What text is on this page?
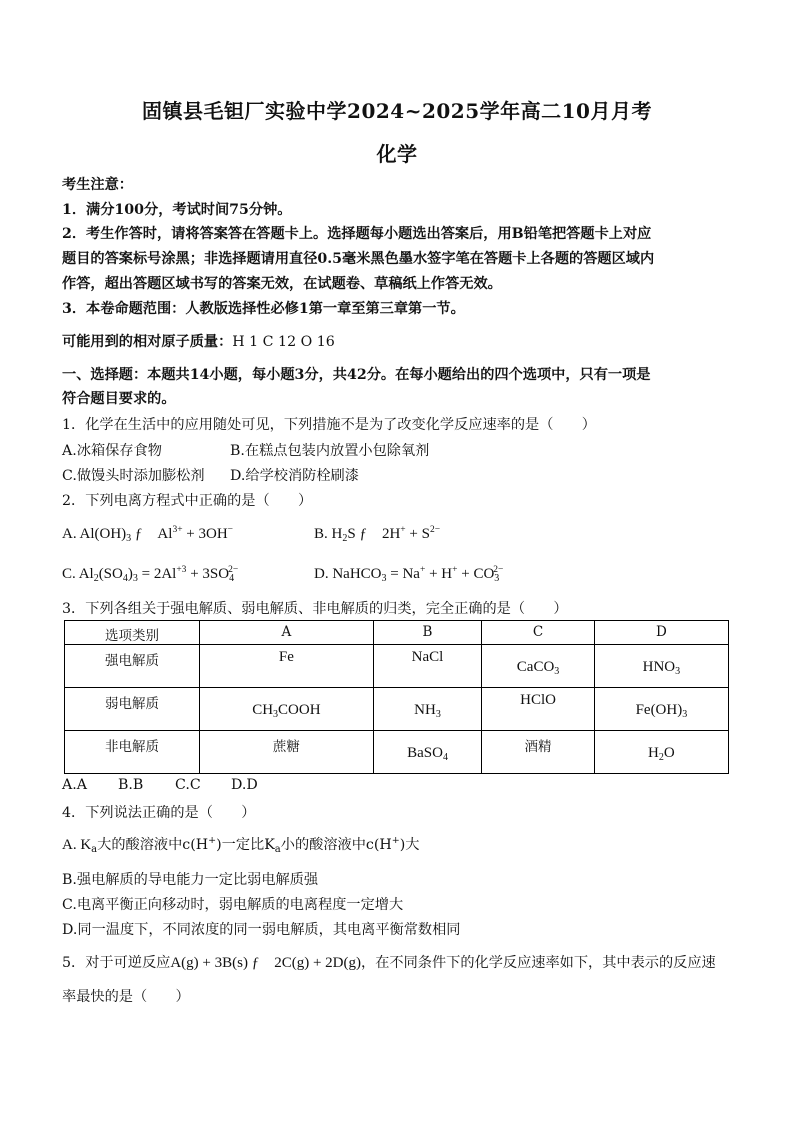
固镇县毛钽厂实验中学2024~2025学年高二10月月考
化学
考生注意：
1．满分100分，考试时间75分钟。
2．考生作答时，请将答案答在答题卡上。选择题每小题选出答案后，用B铅笔把答题卡上对应
题目的答案标号涂黑；非选择题请用直径0.5毫米黑色墨水签字笔在答题卡上各题的答题区域内
作答，超出答题区域书写的答案无效，在试题卷、草稿纸上作答无效。
3．本卷命题范围：人教版选择性必修1第一章至第三章第一节。
可能用到的相对原子质量：H 1 C 12 O 16
一、选择题：本题共14小题，每小题3分，共42分。在每小题给出的四个选项中，只有一项是
符合题目要求的。
1．化学在生活中的应用随处可见，下列措施不是为了改变化学反应速率的是（　　）
A.冰箱保存食物	B.在糕点包装内放置小包除氧剂
C.做馒头时添加膨松剂 D.给学校消防栓刷漆
2．下列电离方程式中正确的是（　　）
A. $Al(OH)_3$ ƒ　$Al^{3+} + 3OH^-$	B. $H_2S$ ƒ　$2H^+ + S^{2-}$
C. $Al_2(SO_4)_3 = 2Al^{+3} + 3SO_4^{2-}$	D. NaHCO$_3$ = $Na^+ + H^+ + CO_3^{2-}$
3．下列各组关于强电解质、弱电解质、非电解质的归类，完全正确的是（　　）
选项类别	A	B	C	D
强电解质	Fe	NaCl	CaCO$_3$	$HNO_3$
弱电解质	$CH_3COOH$	$NH_3$	HClO	$Fe(OH)_3$
非电解质	蔗糖	BaSO$_4$	酒精	$H_2O$
A.A B.B C.C D.D
4．下列说法正确的是（　　）
A. $K_a$大的酸溶液中c(H+)一定比$K_a$小的酸溶液中c(H+)大
B.强电解质的导电能力一定比弱电解质强
C.电离平衡正向移动时，弱电解质的电离程度一定增大
D.同一温度下，不同浓度的同一弱电解质，其电离平衡常数相同
5．对于可逆反应A(g) + 3B(s) ƒ　2C(g) + 2D(g)，在不同条件下的化学反应速率如下，其中表示的反应速
率最快的是（　　）
